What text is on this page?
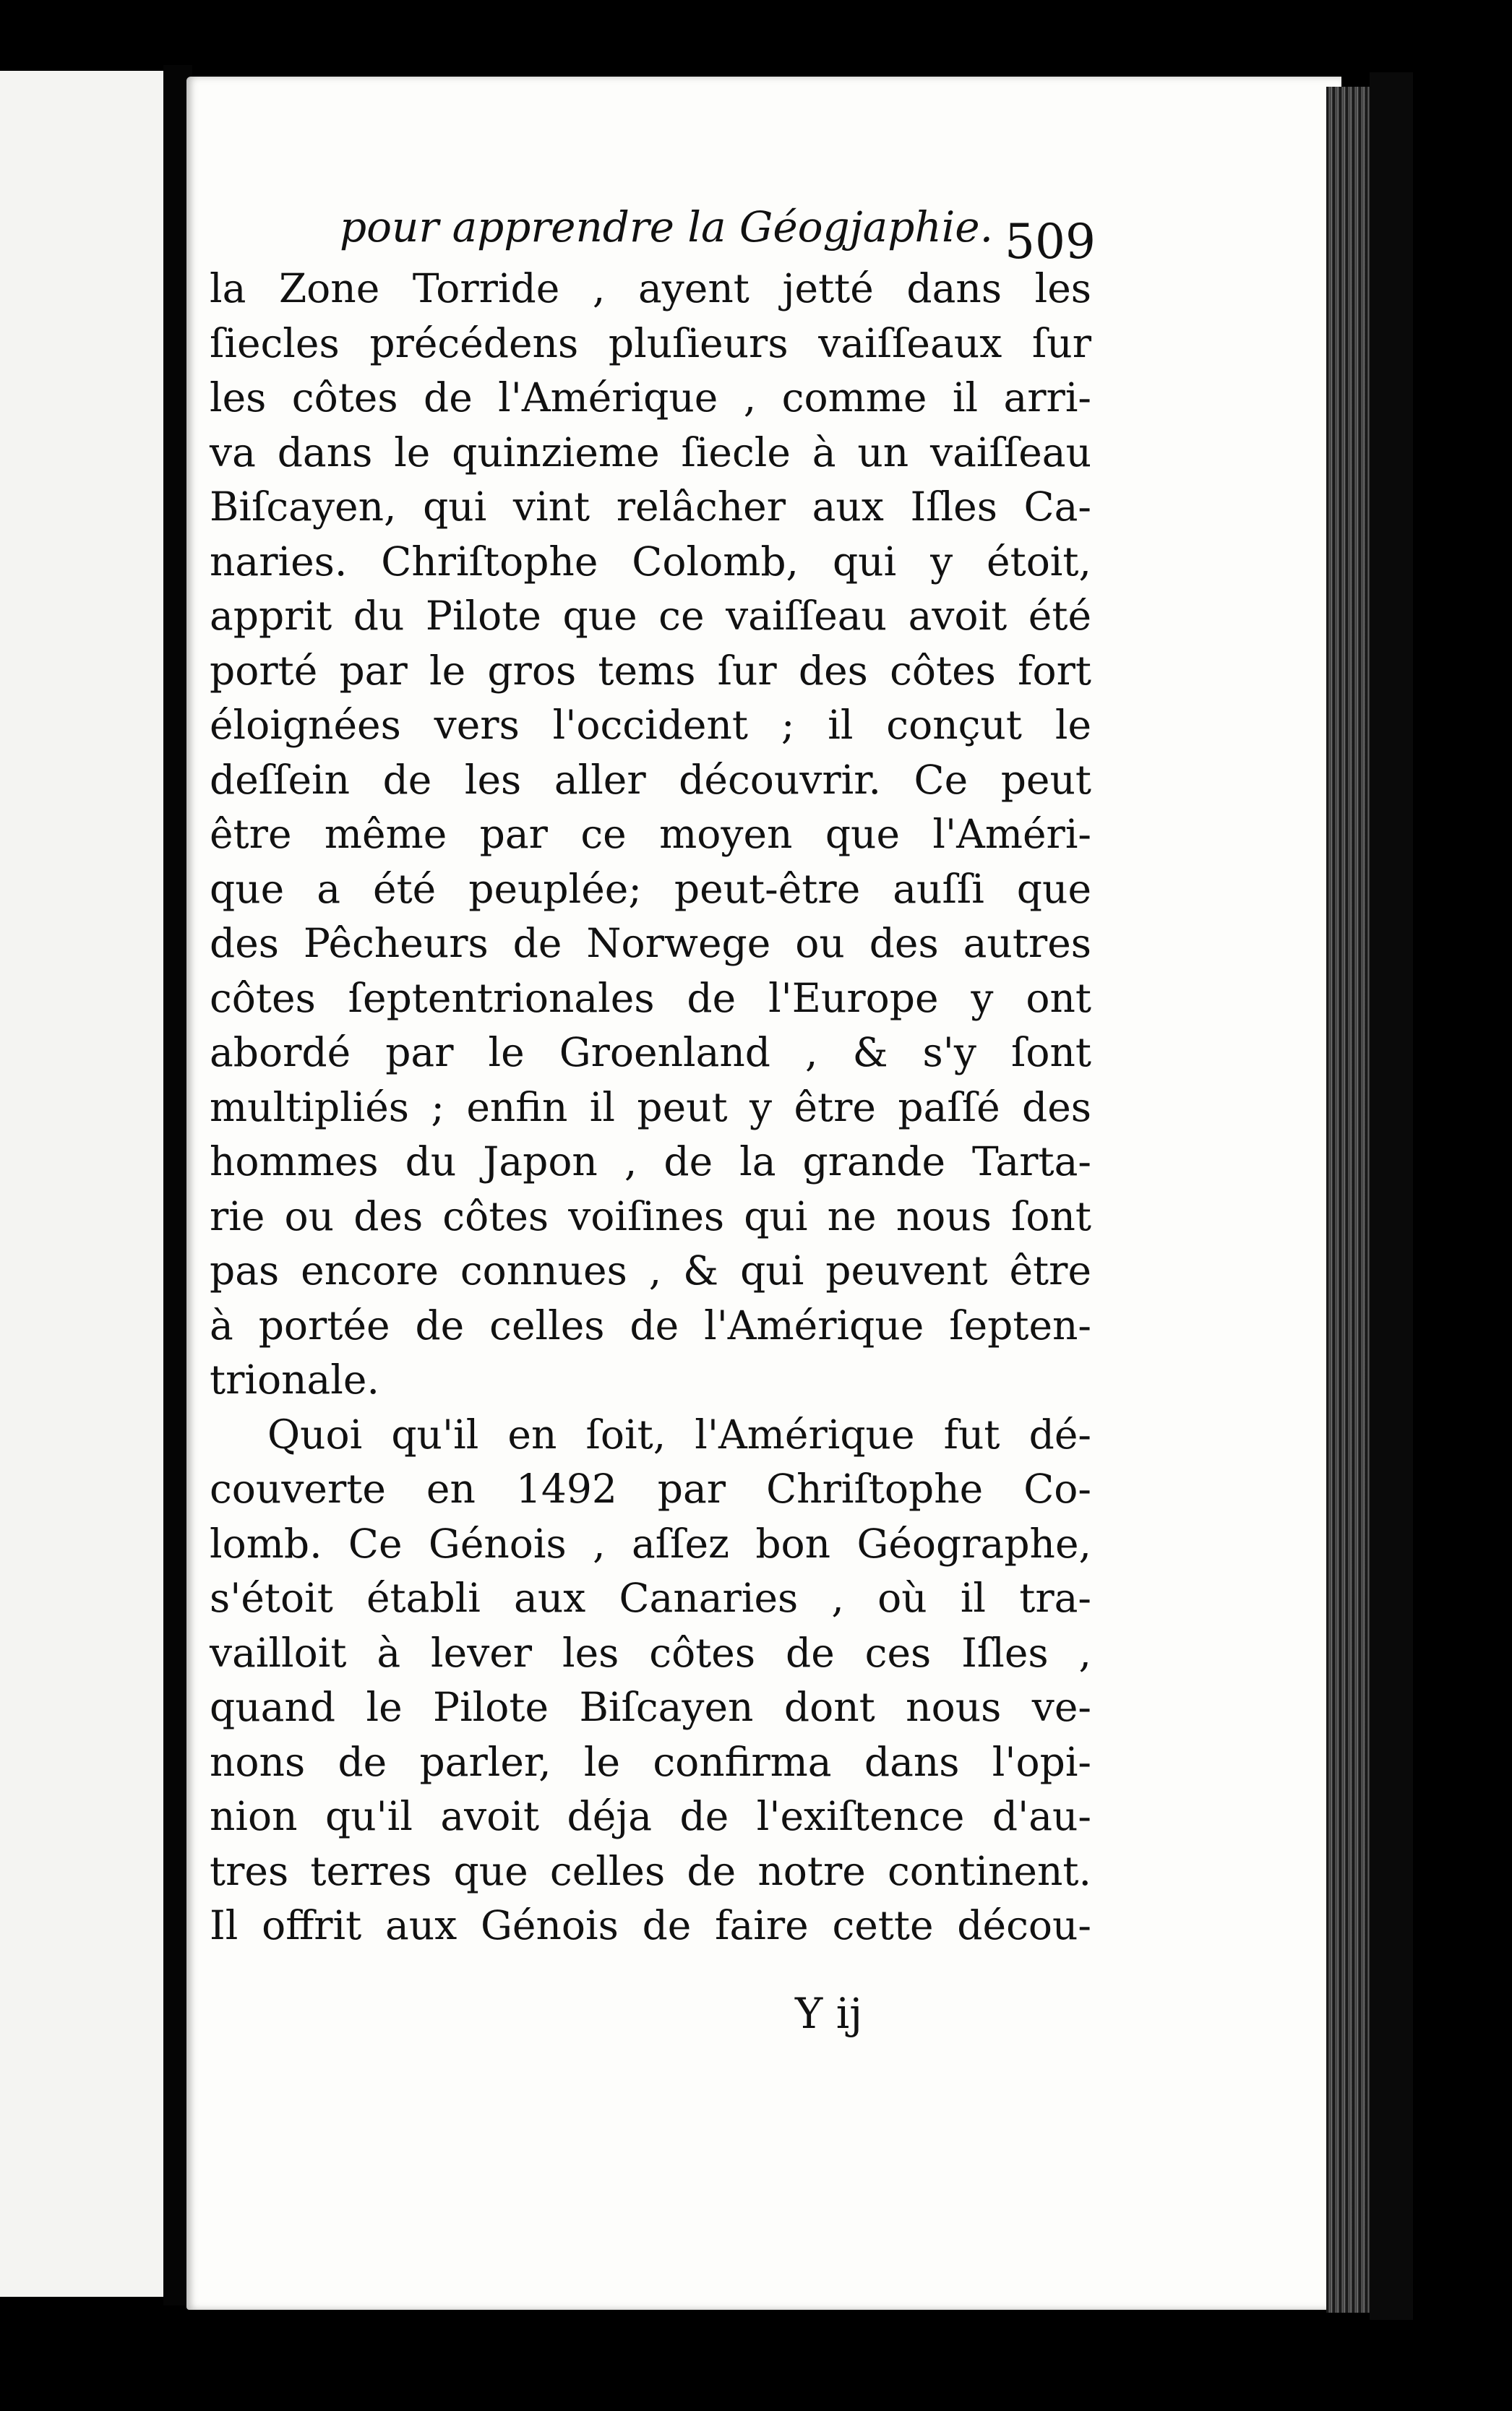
pour apprendre la Géogjaphie. 509
la Zone Torride , ayent jetté dans les
ſiecles précédens pluſieurs vaiſſeaux ſur
les côtes de l'Amérique , comme il arri-
va dans le quinzieme ſiecle à un vaiſſeau
Biſcayen, qui vint relâcher aux Iſles Ca-
naries. Chriſtophe Colomb, qui y étoit,
apprit du Pilote que ce vaiſſeau avoit été
porté par le gros tems ſur des côtes fort
éloignées vers l'occident ; il conçut le
deſſein de les aller découvrir. Ce peut
être même par ce moyen que l'Améri-
que a été peuplée; peut-être auſſi que
des Pêcheurs de Norwege ou des autres
côtes ſeptentrionales de l'Europe y ont
abordé par le Groenland , & s'y ſont
multipliés ; enfin il peut y être paſſé des
hommes du Japon , de la grande Tarta-
rie ou des côtes voiſines qui ne nous ſont
pas encore connues , & qui peuvent être
à portée de celles de l'Amérique ſepten-
trionale.
Quoi qu'il en ſoit, l'Amérique fut dé-
couverte en 1492 par Chriſtophe Co-
lomb. Ce Génois , aſſez bon Géographe,
s'étoit établi aux Canaries , où il tra-
vailloit à lever les côtes de ces Iſles ,
quand le Pilote Biſcayen dont nous ve-
nons de parler, le confirma dans l'opi-
nion qu'il avoit déja de l'exiſtence d'au-
tres terres que celles de notre continent.
Il offrit aux Génois de faire cette décou-
Y ij
